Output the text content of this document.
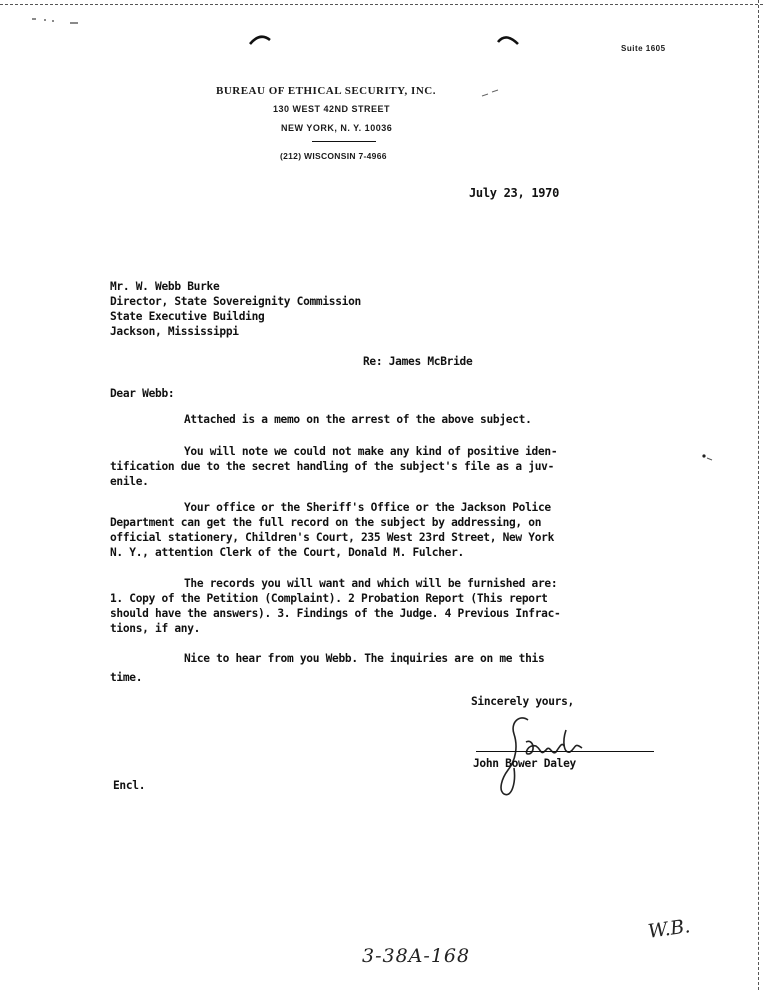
Suite 1605
BUREAU OF ETHICAL SECURITY, INC.
130 WEST 42ND STREET
NEW YORK, N. Y. 10036
(212) WISCONSIN 7-4966
July 23, 1970
Mr. W. Webb Burke
Director, State Sovereignity Commission
State Executive Building
Jackson, Mississippi
Re: James McBride
Dear Webb:
Attached is a memo on the arrest of the above subject.
You will note we could not make any kind of positive iden-
tification due to the secret handling of the subject's file as a juv-
enile.
Your office or the Sheriff's Office or the Jackson Police
Department can get the full record on the subject by addressing, on
official stationery, Children's Court, 235 West 23rd Street, New York
N. Y., attention Clerk of the Court, Donald M. Fulcher.
The records you will want and which will be furnished are:
1. Copy of the Petition (Complaint). 2 Probation Report (This report
should have the answers). 3. Findings of the Judge. 4 Previous Infrac-
tions, if any.
Nice to hear from you Webb. The inquiries are on me this
time.
Sincerely yours,
John Bower Daley
Encl.
W.B.
3-38A-168
